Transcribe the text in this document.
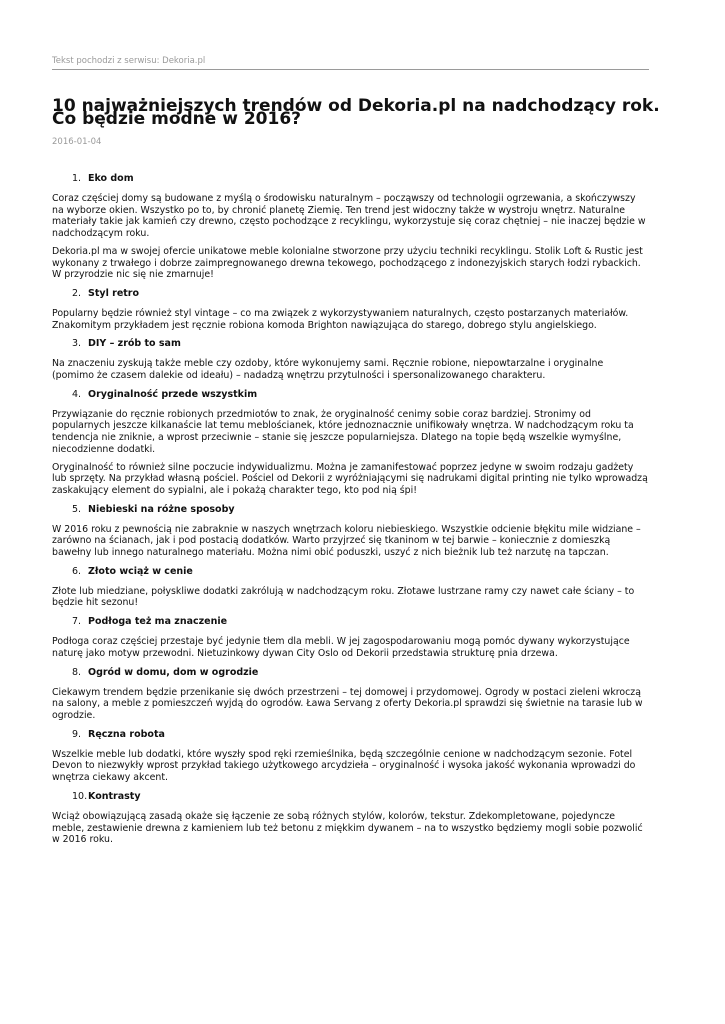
Tekst pochodzi z serwisu: Dekoria.pl
10 najważniejszych trendów od Dekoria.pl na nadchodzący rok. Co będzie modne w 2016?
2016-01-04
1. Eko dom

Coraz częściej domy są budowane z myślą o środowisku naturalnym – począwszy od technologii ogrzewania, a skończywszy na wyborze okien. Wszystko po to, by chronić planetę Ziemię. Ten trend jest widoczny także w wystroju wnętrz. Naturalne materiały takie jak kamień czy drewno, często pochodzące z recyklingu, wykorzystuje się coraz chętniej – nie inaczej będzie w nadchodzącym roku.

Dekoria.pl ma w swojej ofercie unikatowe meble kolonialne stworzone przy użyciu techniki recyklingu. Stolik Loft & Rustic jest wykonany z trwałego i dobrze zaimpregnowanego drewna tekowego, pochodzącego z indonezyjskich starych łodzi rybackich. W przyrodzie nic się nie zmarnuje!

2. Styl retro

Popularny będzie również styl vintage – co ma związek z wykorzystywaniem naturalnych, często postarzanych materiałów. Znakomitym przykładem jest ręcznie robiona komoda Brighton nawiązująca do starego, dobrego stylu angielskiego.

3. DIY – zrób to sam

Na znaczeniu zyskują także meble czy ozdoby, które wykonujemy sami. Ręcznie robione, niepowtarzalne i oryginalne (pomimo że czasem dalekie od ideału) – nadadzą wnętrzu przytulności i spersonalizowanego charakteru.

4. Oryginalność przede wszystkim

Przywiązanie do ręcznie robionych przedmiotów to znak, że oryginalność cenimy sobie coraz bardziej. Stronimy od popularnych jeszcze kilkanaście lat temu meblościanek, które jednoznacznie unifikowały wnętrza. W nadchodzącym roku ta tendencja nie zniknie, a wprost przeciwnie – stanie się jeszcze popularniejsza. Dlatego na topie będą wszelkie wymyślne, niecodzienne dodatki.

Oryginalność to również silne poczucie indywidualizmu. Można je zamanifestować poprzez jedyne w swoim rodzaju gadżety lub sprzęty. Na przykład własną pościel. Pościel od Dekorii z wyróżniającymi się nadrukami digital printing nie tylko wprowadzą zaskakujący element do sypialni, ale i pokażą charakter tego, kto pod nią śpi!

5. Niebieski na różne sposoby

W 2016 roku z pewnością nie zabraknie w naszych wnętrzach koloru niebieskiego. Wszystkie odcienie błękitu mile widziane – zarówno na ścianach, jak i pod postacią dodatków. Warto przyjrzeć się tkaninom w tej barwie – koniecznie z domieszką bawełny lub innego naturalnego materiału. Można nimi obić poduszki, uszyć z nich bieżnik lub też narzutę na tapczan.

6. Złoto wciąż w cenie

Złote lub miedziane, połyskliwe dodatki zakrólują w nadchodzącym roku. Złotawe lustrzane ramy czy nawet całe ściany – to będzie hit sezonu!

7. Podłoga też ma znaczenie

Podłoga coraz częściej przestaje być jedynie tłem dla mebli. W jej zagospodarowaniu mogą pomóc dywany wykorzystujące naturę jako motyw przewodni. Nietuzinkowy dywan City Oslo od Dekorii przedstawia strukturę pnia drzewa.

8. Ogród w domu, dom w ogrodzie

Ciekawym trendem będzie przenikanie się dwóch przestrzeni – tej domowej i przydomowej. Ogrody w postaci zieleni wkroczą na salony, a meble z pomieszczeń wyjdą do ogrodów. Ława Servang z oferty Dekoria.pl sprawdzi się świetnie na tarasie lub w ogrodzie.

9. Ręczna robota

Wszelkie meble lub dodatki, które wyszły spod ręki rzemieślnika, będą szczególnie cenione w nadchodzącym sezonie. Fotel Devon to niezwykły wprost przykład takiego użytkowego arcydzieła – oryginalność i wysoka jakość wykonania wprowadzi do wnętrza ciekawy akcent.

10.Kontrasty

Wciąż obowiązującą zasadą okaże się łączenie ze sobą różnych stylów, kolorów, tekstur. Zdekompletowane, pojedyncze meble, zestawienie drewna z kamieniem lub też betonu z miękkim dywanem – na to wszystko będziemy mogli sobie pozwolić w 2016 roku.
